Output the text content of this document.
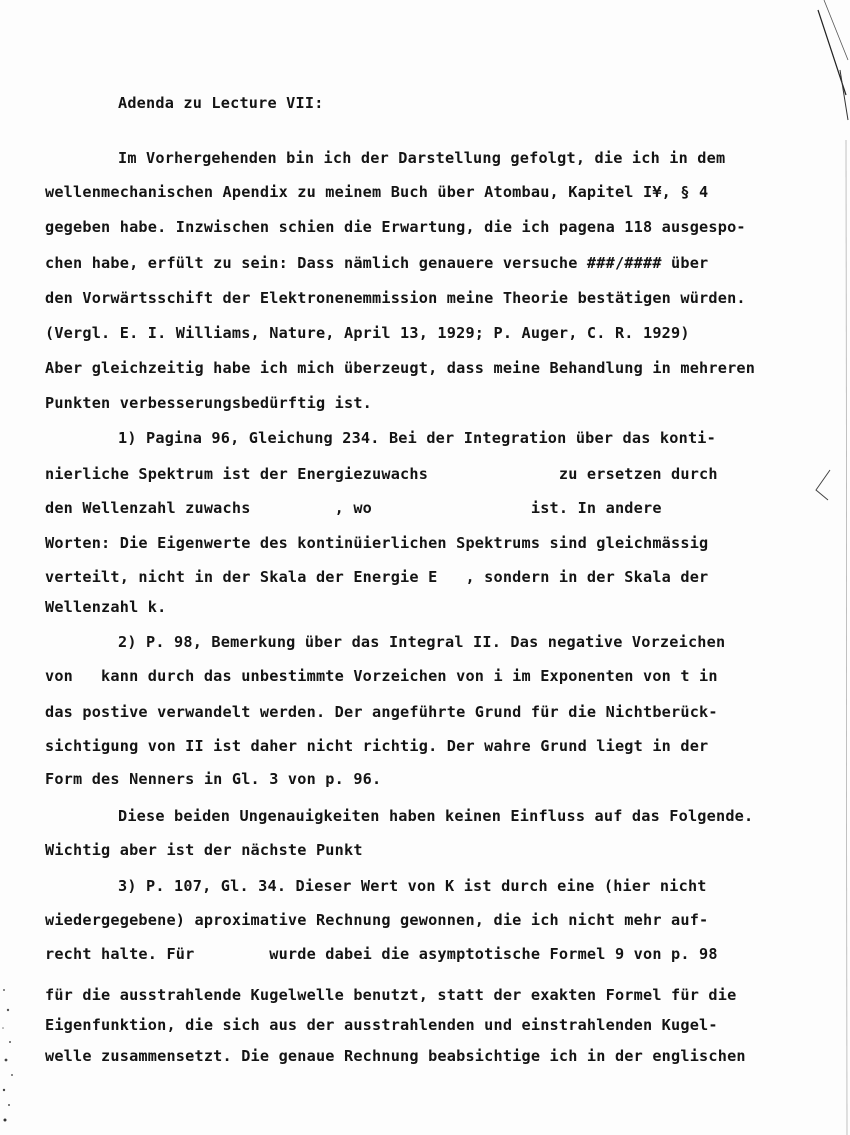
Adenda zu Lecture VII:
Im Vorhergehenden bin ich der Darstellung gefolgt, die ich in dem
wellenmechanischen Apendix zu meinem Buch über Atombau, Kapitel I¥, § 4
gegeben habe. Inzwischen schien die Erwartung, die ich pagena 118 ausgespo-
chen habe, erfült zu sein: Dass nämlich genauere versuche ###/#### über
den Vorwärtsschift der Elektronenemmission meine Theorie bestätigen würden.
(Vergl. E. I. Williams, Nature, April 13, 1929; P. Auger, C. R. 1929)
Aber gleichzeitig habe ich mich überzeugt, dass meine Behandlung in mehreren
Punkten verbesserungsbedürftig ist.
1) Pagina 96, Gleichung 234. Bei der Integration über das konti-
nierliche Spektrum ist der Energiezuwachs              zu ersetzen durch
den Wellenzahl zuwachs         , wo                 ist. In andere
Worten: Die Eigenwerte des kontinüierlichen Spektrums sind gleichmässig
verteilt, nicht in der Skala der Energie E   , sondern in der Skala der
Wellenzahl k.
2) P. 98, Bemerkung über das Integral II. Das negative Vorzeichen
von   kann durch das unbestimmte Vorzeichen von i im Exponenten von t in
das postive verwandelt werden. Der angeführte Grund für die Nichtberück-
sichtigung von II ist daher nicht richtig. Der wahre Grund liegt in der
Form des Nenners in Gl. 3 von p. 96.
Diese beiden Ungenauigkeiten haben keinen Einfluss auf das Folgende.
Wichtig aber ist der nächste Punkt
3) P. 107, Gl. 34. Dieser Wert von K ist durch eine (hier nicht
wiedergegebene) aproximative Rechnung gewonnen, die ich nicht mehr auf-
recht halte. Für        wurde dabei die asymptotische Formel 9 von p. 98
für die ausstrahlende Kugelwelle benutzt, statt der exakten Formel für die
Eigenfunktion, die sich aus der ausstrahlenden und einstrahlenden Kugel-
welle zusammensetzt. Die genaue Rechnung beabsichtige ich in der englischen
